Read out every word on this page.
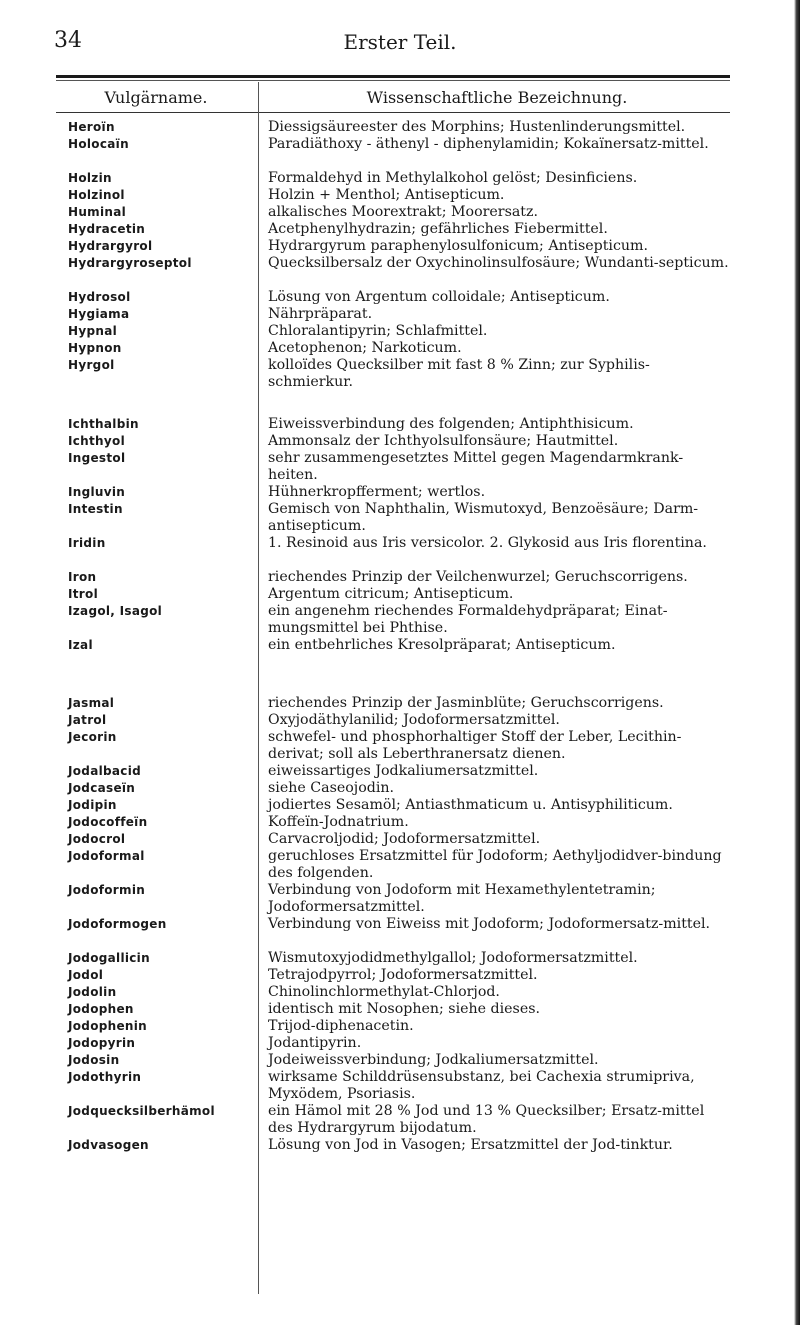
34	Erster Teil.
Vulgärname.	Wissenschaftliche Bezeichnung.
Heroïn	Diessigsäureester des Morphins; Hustenlinderungsmittel.
Holocaïn	Paradiäthoxy - äthenyl - diphenylamidin; Kokaïnersatz-mittel.
Holzin	Formaldehyd in Methylalkohol gelöst; Desinficiens.
Holzinol	Holzin + Menthol; Antisepticum.
Huminal	alkalisches Moorextrakt; Moorersatz.
Hydracetin	Acetphenylhydrazin; gefährliches Fiebermittel.
Hydrargyrol	Hydrargyrum paraphenylosulfonicum; Antisepticum.
Hydrargyroseptol	Quecksilbersalz der Oxychinolinsulfosäure; Wundanti-septicum.
Hydrosol	Lösung von Argentum colloidale; Antisepticum.
Hygiama	Nährpräparat.
Hypnal	Chloralantipyrin; Schlafmittel.
Hypnon	Acetophenon; Narkoticum.
Hyrgol	kolloïdes Quecksilber mit fast 8 % Zinn; zur Syphilis-schmierkur.
Ichthalbin	Eiweissverbindung des folgenden; Antiphthisicum.
Ichthyol	Ammonsalz der Ichthyolsulfonsäure; Hautmittel.
Ingestol	sehr zusammengesetztes Mittel gegen Magendarmkrank-heiten.
Ingluvin	Hühnerkropfferment; wertlos.
Intestin	Gemisch von Naphthalin, Wismutoxyd, Benzoësäure; Darm-antisepticum.
Iridin	1. Resinoid aus Iris versicolor. 2. Glykosid aus Iris florentina.
Iron	riechendes Prinzip der Veilchenwurzel; Geruchscorrigens.
Itrol	Argentum citricum; Antisepticum.
Izagol, Isagol	ein angenehm riechendes Formaldehydpräparat; Einat-mungsmittel bei Phthise.
Izal	ein entbehrliches Kresolpräparat; Antisepticum.
Jasmal	riechendes Prinzip der Jasminblüte; Geruchscorrigens.
Jatrol	Oxyjodäthylanilid; Jodoformersatzmittel.
Jecorin	schwefel- und phosphorhaltiger Stoff der Leber, Lecithin-derivat; soll als Leberthranersatz dienen.
Jodalbacid	eiweissartiges Jodkaliumersatzmittel.
Jodcaseïn	siehe Caseojodin.
Jodipin	jodiertes Sesamöl; Antiasthmaticum u. Antisyphiliticum.
Jodocoffeïn	Koffeïn-Jodnatrium.
Jodocrol	Carvacroljodid; Jodoformersatzmittel.
Jodoformal	geruchloses Ersatzmittel für Jodoform; Aethyljodidver-bindung des folgenden.
Jodoformin	Verbindung von Jodoform mit Hexamethylentetramin; Jodoformersatzmittel.
Jodoformogen	Verbindung von Eiweiss mit Jodoform; Jodoformersatz-mittel.
Jodogallicin	Wismutoxyjodidmethylgallol; Jodoformersatzmittel.
Jodol	Tetrajodpyrrol; Jodoformersatzmittel.
Jodolin	Chinolinchlormethylat-Chlorjod.
Jodophen	identisch mit Nosophen; siehe dieses.
Jodophenin	Trijod-diphenacetin.
Jodopyrin	Jodantipyrin.
Jodosin	Jodeiweissverbindung; Jodkaliumersatzmittel.
Jodothyrin	wirksame Schilddrüsensubstanz, bei Cachexia strumipriva, Myxödem, Psoriasis.
Jodquecksilberhämol	ein Hämol mit 28 % Jod und 13 % Quecksilber; Ersatz-mittel des Hydrargyrum bijodatum.
Jodvasogen	Lösung von Jod in Vasogen; Ersatzmittel der Jod-tinktur.
